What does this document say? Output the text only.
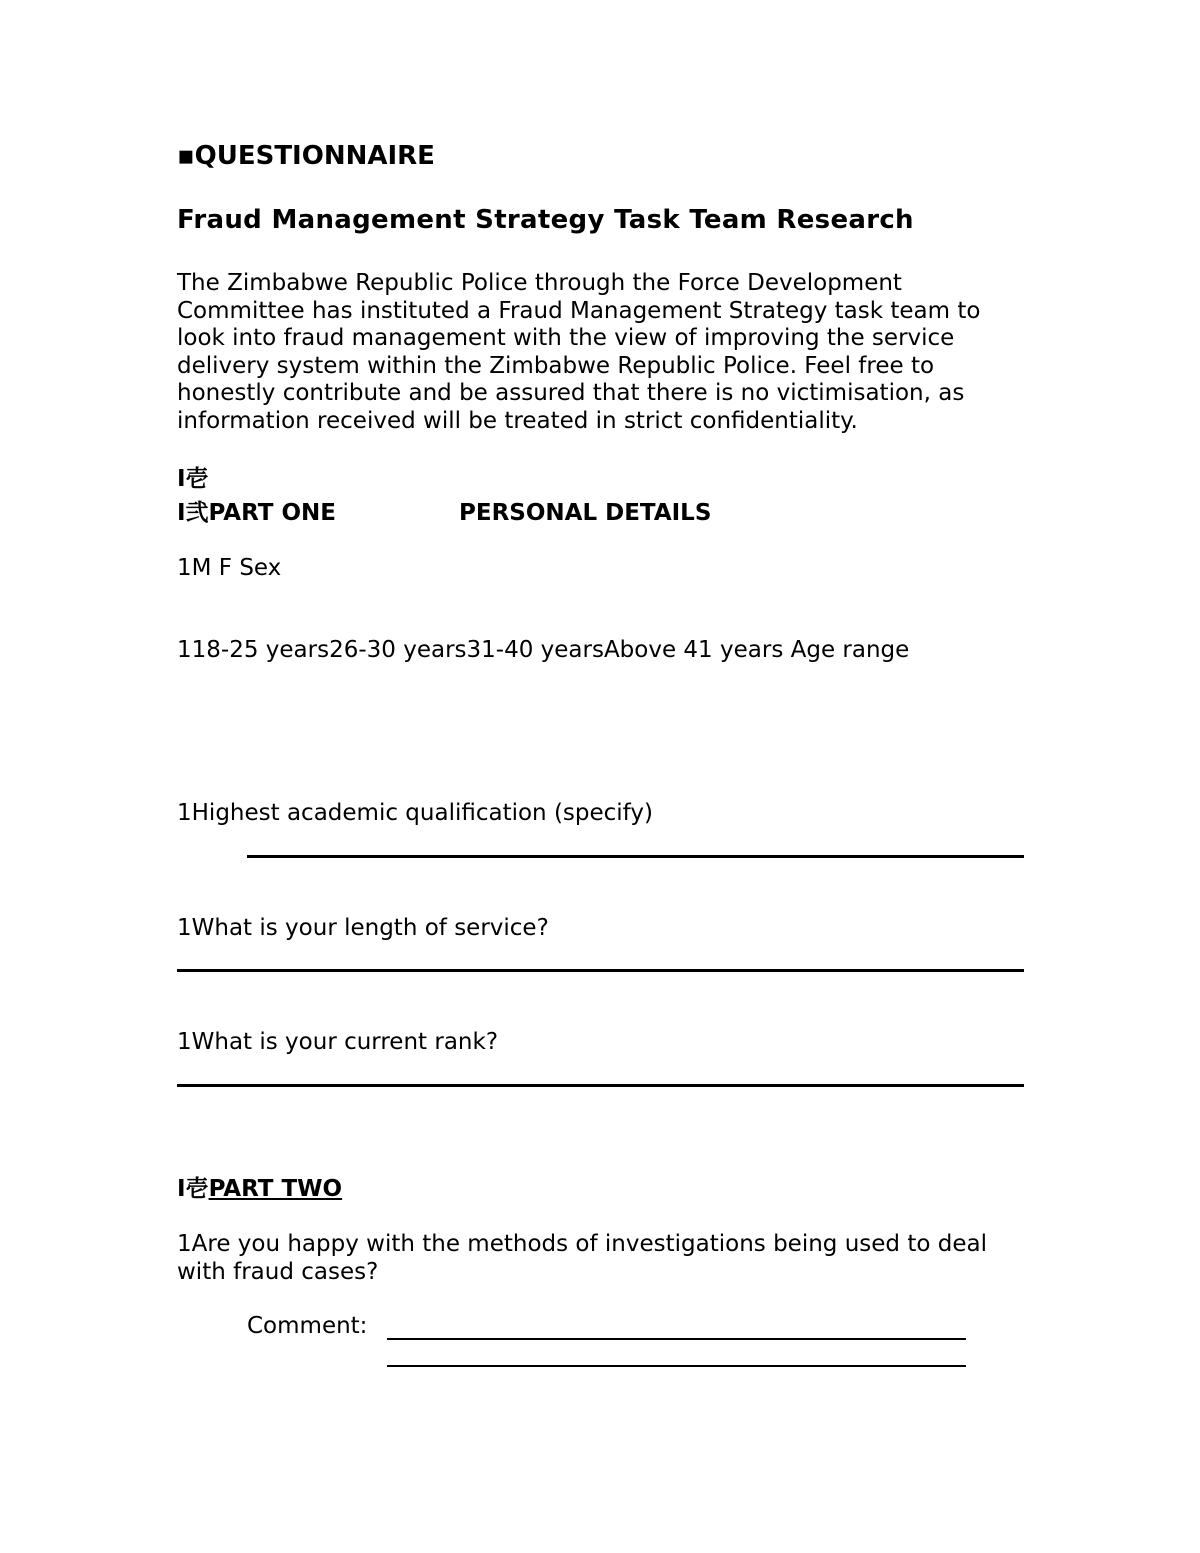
▪QUESTIONNAIRE
Fraud Management Strategy Task Team Research
The Zimbabwe Republic Police through the Force Development
Committee has instituted a Fraud Management Strategy task team to
look into fraud management with the view of improving the service
delivery system within the Zimbabwe Republic Police. Feel free to
honestly contribute and be assured that there is no victimisation, as
information received will be treated in strict confidentiality.
I壱
I弐PART ONE	PERSONAL DETAILS
1M F Sex
118-25 years26-30 years31-40 yearsAbove 41 years Age range
1Highest academic qualification (specify)
1What is your length of service?
1What is your current rank?
I壱PART TWO
1Are you happy with the methods of investigations being used to deal
with fraud cases?
Comment:
